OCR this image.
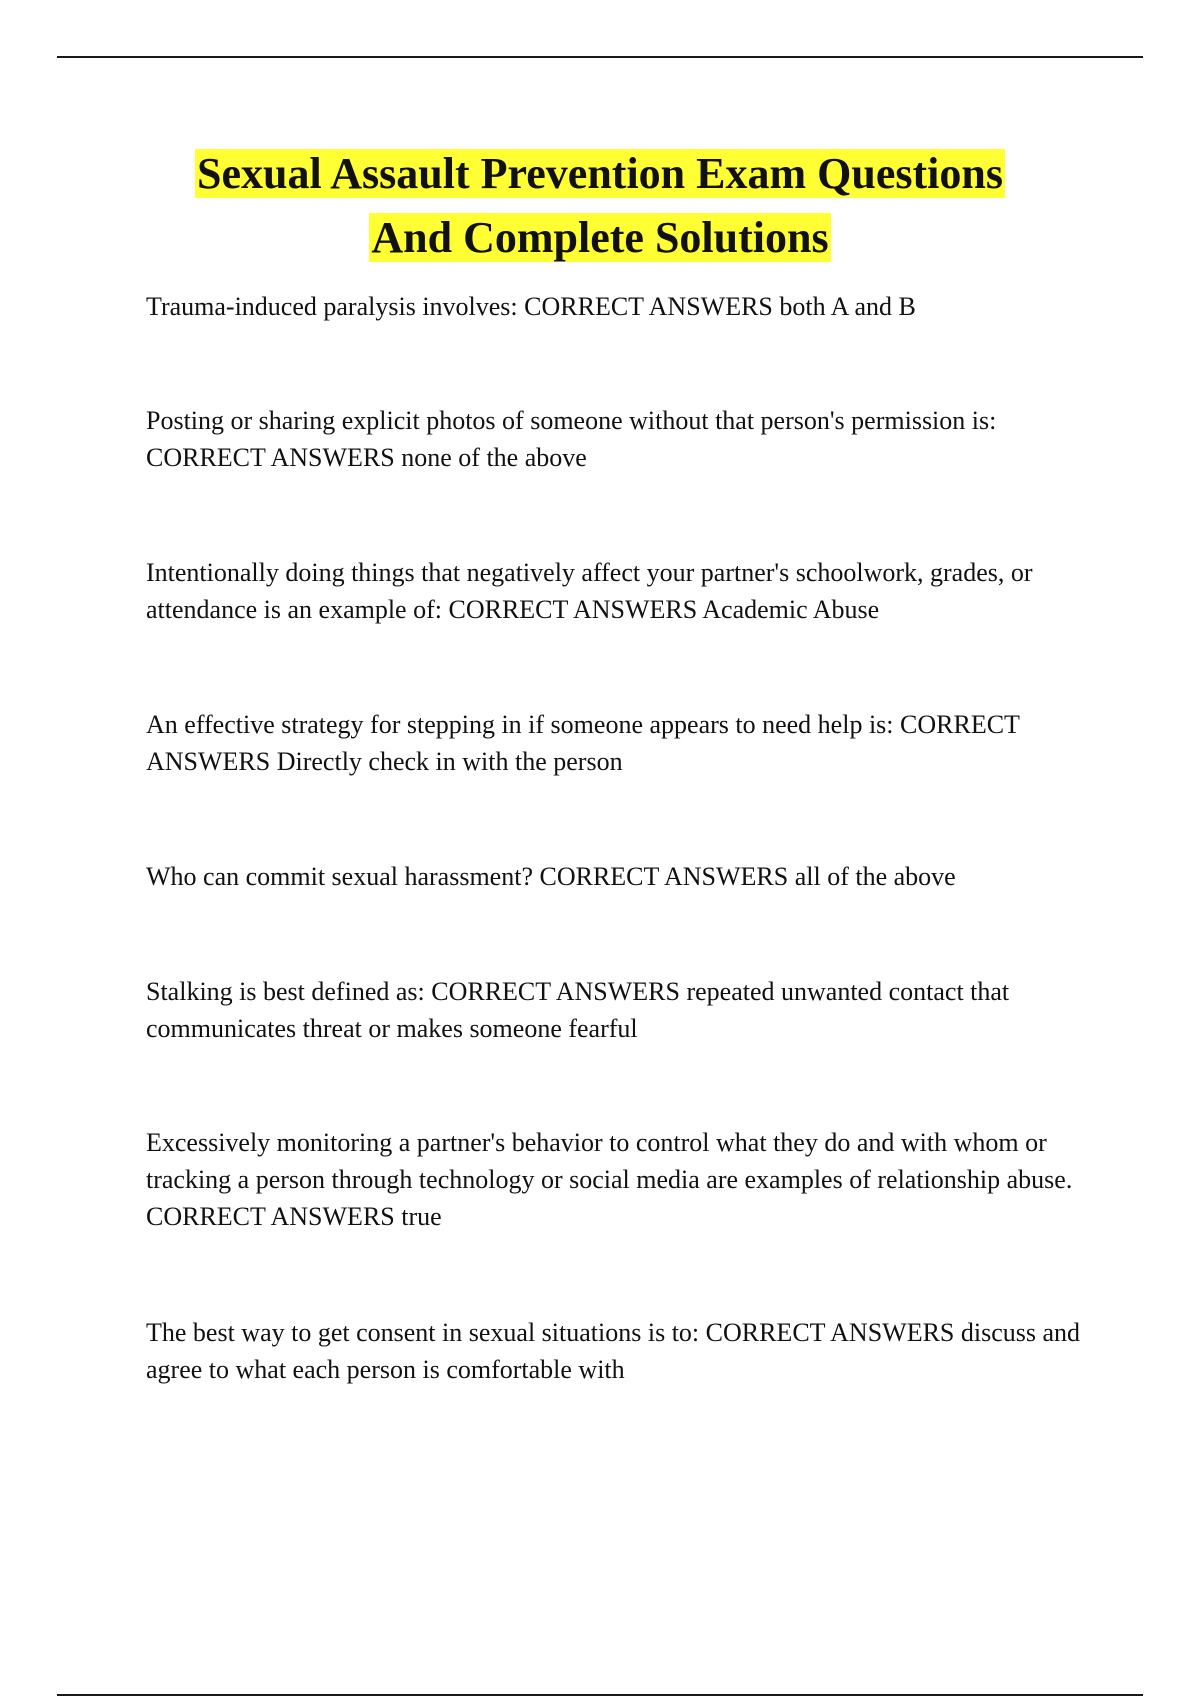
Sexual Assault Prevention Exam Questions
And Complete Solutions

Trauma-induced paralysis involves: CORRECT ANSWERS both A and B

Posting or sharing explicit photos of someone without that person's permission is: CORRECT ANSWERS none of the above

Intentionally doing things that negatively affect your partner's schoolwork, grades, or attendance is an example of: CORRECT ANSWERS Academic Abuse

An effective strategy for stepping in if someone appears to need help is: CORRECT ANSWERS Directly check in with the person

Who can commit sexual harassment? CORRECT ANSWERS all of the above

Stalking is best defined as: CORRECT ANSWERS repeated unwanted contact that communicates threat or makes someone fearful

Excessively monitoring a partner's behavior to control what they do and with whom or tracking a person through technology or social media are examples of relationship abuse. CORRECT ANSWERS true

The best way to get consent in sexual situations is to: CORRECT ANSWERS discuss and agree to what each person is comfortable with
